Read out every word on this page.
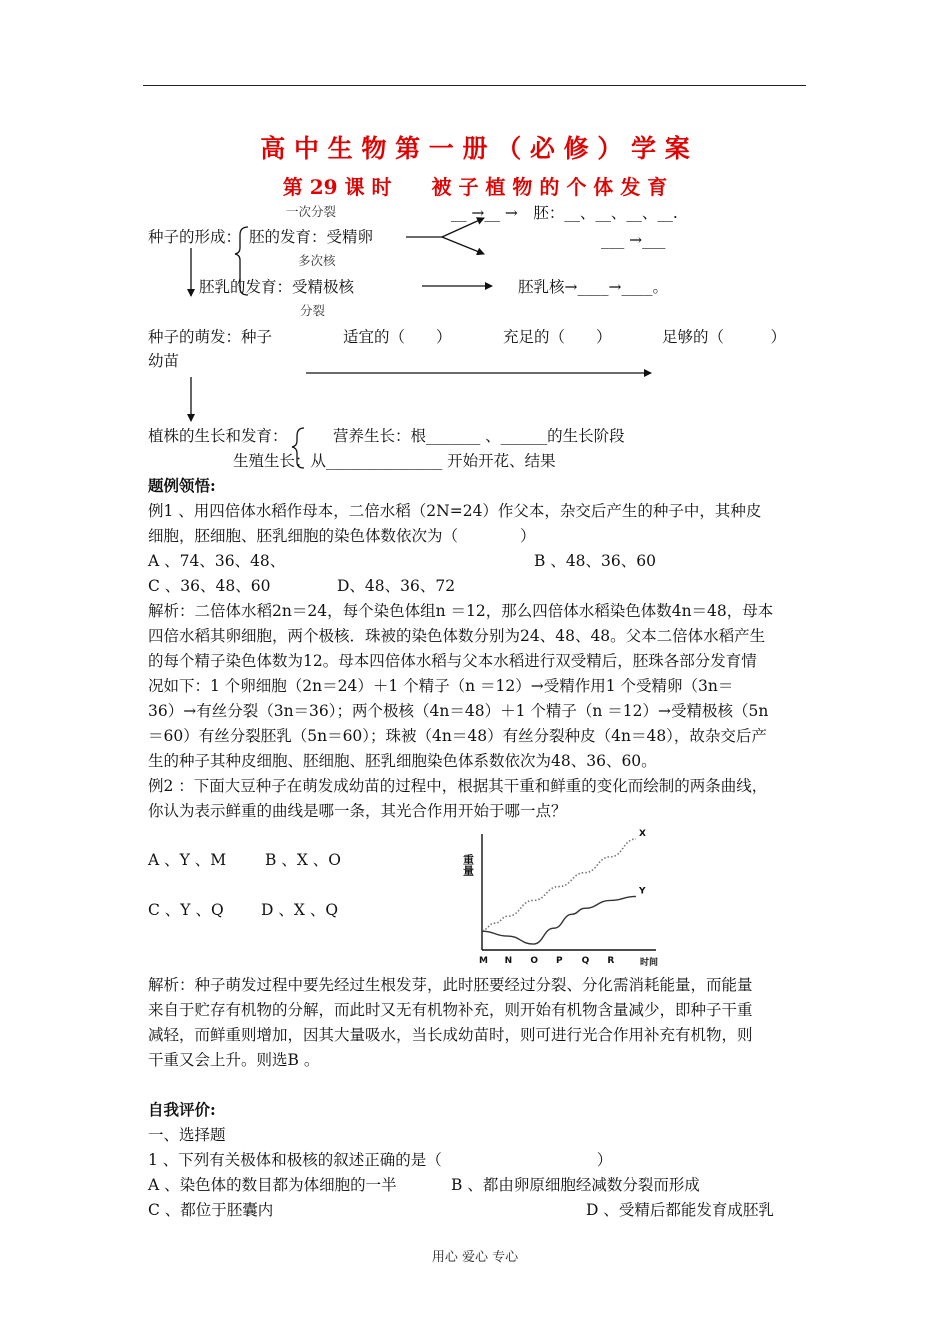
高 中 生 物 第 一 册 （ 必 修 ） 学 案
第 29 课 时　　被 子 植 物 的 个 体 发 育
一次分裂	__ →__ →　胚：__、__、__、__.
种子的形成： 胚的发育：受精卵	___ →___
多次核
胚乳的发育：受精极核	胚乳核→____→____。
分裂
种子的萌发：种子	适宜的（　　）	充足的（　　）	足够的（　　　）
幼苗
植株的生长和发育：	营养生长：根_______ 、______的生长阶段
生殖生长：从_______________ 开始开花、结果
题例领悟:
例1 、用四倍体水稻作母本，二倍水稻（2N=24）作父本，杂交后产生的种子中，其种皮
细胞，胚细胞、胚乳细胞的染色体数依次为（　　　　）
A 、74、36、48、	B 、48、36、60
C 、36、48、60	D、48、36、72
解析：二倍体水稻2n＝24，每个染色体组n ＝12，那么四倍体水稻染色体数4n＝48，母本
四倍水稻其卵细胞，两个极核．珠被的染色体数分别为24、48、48。父本二倍体水稻产生
的每个精子染色体数为12。母本四倍体水稻与父本水稻进行双受精后，胚珠各部分发育情
况如下：1 个卵细胞（2n＝24）＋1 个精子（n ＝12）→受精作用1 个受精卵（3n＝
36）→有丝分裂（3n＝36）；两个极核（4n＝48）＋1 个精子（n ＝12）→受精极核（5n
＝60）有丝分裂胚乳（5n＝60）；珠被（4n＝48）有丝分裂种皮（4n＝48），故杂交后产
生的种子其种皮细胞、胚细胞、胚乳细胞染色体系数依次为48、36、60。
例2 ：下面大豆种子在萌发成幼苗的过程中，根据其干重和鲜重的变化而绘制的两条曲线，
你认为表示鲜重的曲线是哪一条，其光合作用开始于哪一点？
A 、Y 、M	B 、X 、O
C 、Y 、Q D 、X 、Q
重量
M N O P Q R
X
Y
时间
解析：种子萌发过程中要先经过生根发芽，此时胚要经过分裂、分化需消耗能量，而能量
来自于贮存有机物的分解，而此时又无有机物补充，则开始有机物含量减少，即种子干重
减轻，而鲜重则增加，因其大量吸水，当长成幼苗时，则可进行光合作用补充有机物，则
干重又会上升。则选B 。
自我评价:
一、选择题
1 、下列有关极体和极核的叙述正确的是（　　　　　　　　　　）
A 、染色体的数目都为体细胞的一半	B 、都由卵原细胞经减数分裂而形成
C 、都位于胚囊内	D 、受精后都能发育成胚乳
用心 爱心 专心
